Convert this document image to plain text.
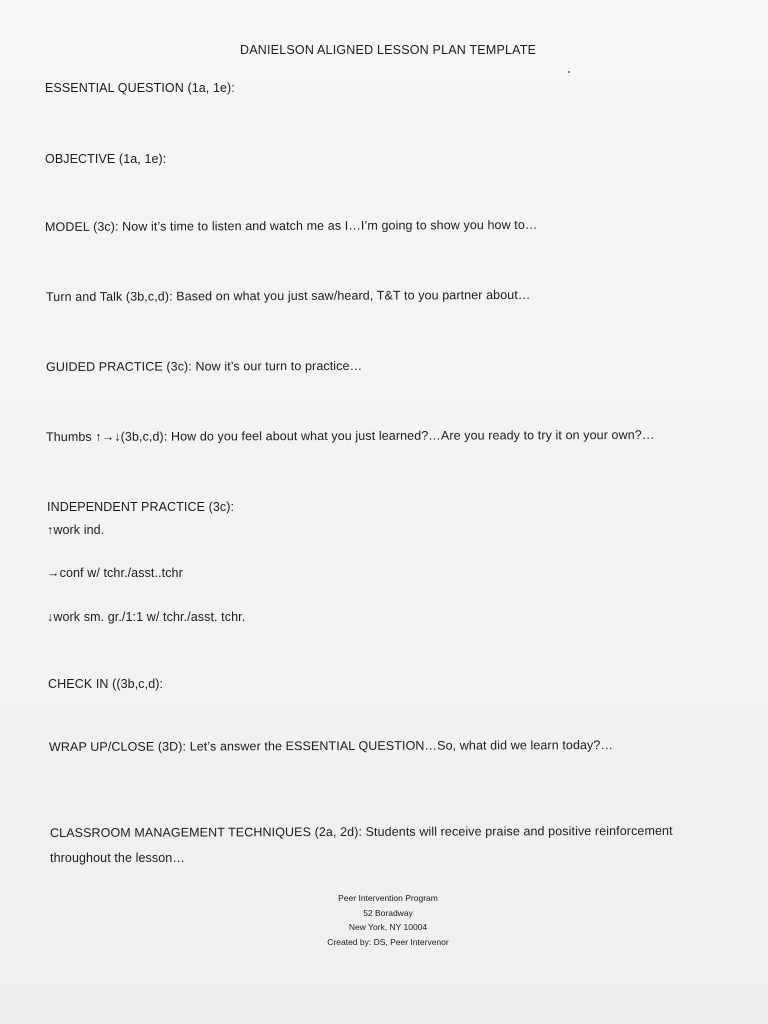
DANIELSON ALIGNED LESSON PLAN TEMPLATE
ESSENTIAL QUESTION (1a, 1e):
OBJECTIVE (1a, 1e):
MODEL (3c): Now it’s time to listen and watch me as I…I’m going to show you how to…
Turn and Talk (3b,c,d): Based on what you just saw/heard, T&T to you partner about…
GUIDED PRACTICE (3c): Now it’s our turn to practice…
Thumbs ↑→↓(3b,c,d): How do you feel about what you just learned?…Are you ready to try it on your own?…
INDEPENDENT PRACTICE (3c):
↑work ind.
→conf w/ tchr./asst..tchr
↓work sm. gr./1:1 w/ tchr./asst. tchr.
CHECK IN ((3b,c,d):
WRAP UP/CLOSE (3D): Let’s answer the ESSENTIAL QUESTION…So, what did we learn today?…
CLASSROOM MANAGEMENT TECHNIQUES (2a, 2d): Students will receive praise and positive reinforcement
throughout the lesson…
Peer Intervention Program
52 Boradway
New York, NY 10004
Created by: DS, Peer Intervenor
